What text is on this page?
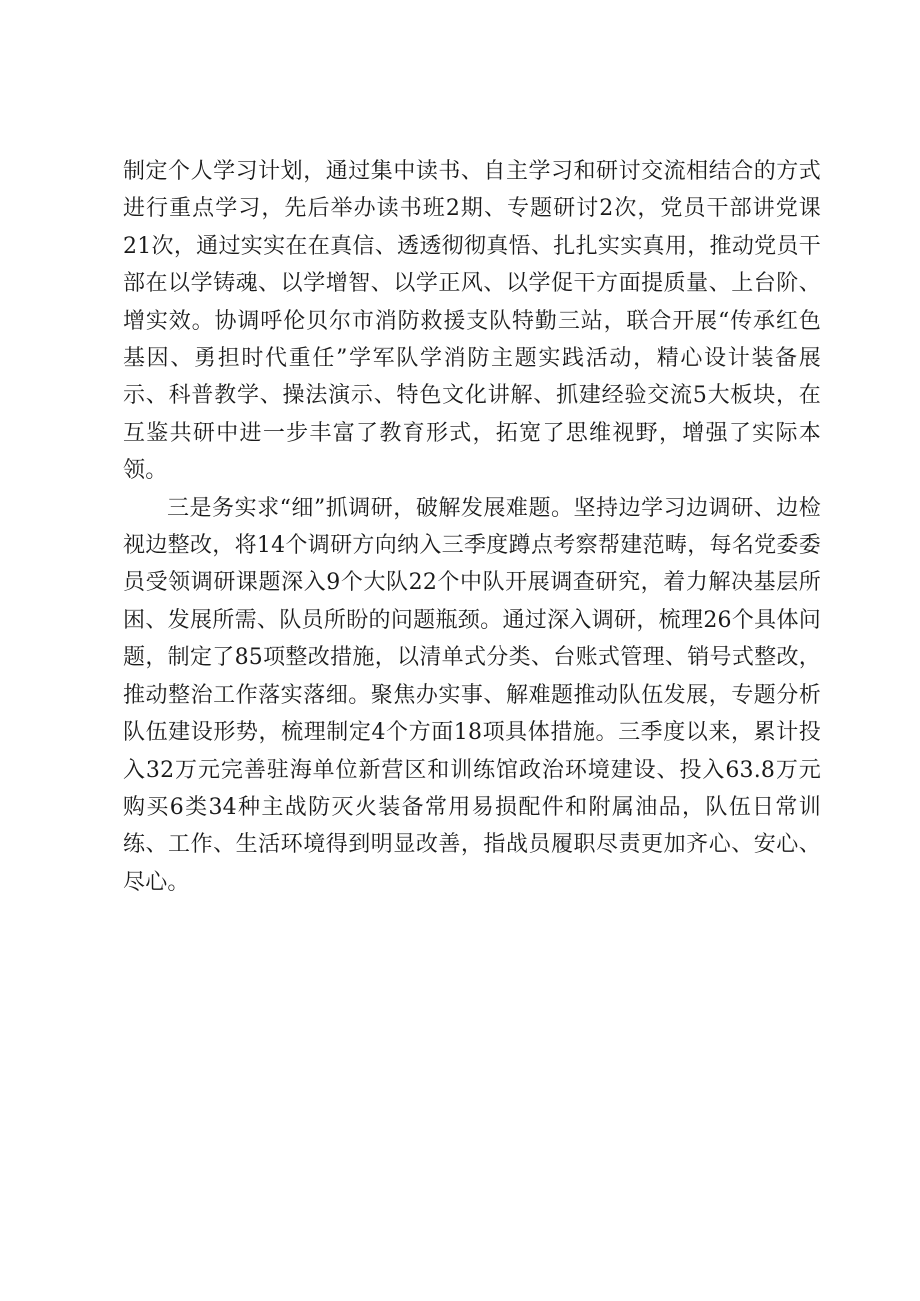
制定个人学习计划，通过集中读书、自主学习和研讨交流相结合的方式进行重点学习，先后举办读书班2期、专题研讨2次，党员干部讲党课21次，通过实实在在真信、透透彻彻真悟、扎扎实实真用，推动党员干部在以学铸魂、以学增智、以学正风、以学促干方面提质量、上台阶、增实效。协调呼伦贝尔市消防救援支队特勤三站，联合开展“传承红色基因、勇担时代重任”学军队学消防主题实践活动，精心设计装备展示、科普教学、操法演示、特色文化讲解、抓建经验交流5大板块，在互鉴共研中进一步丰富了教育形式，拓宽了思维视野，增强了实际本领。

三是务实求“细”抓调研，破解发展难题。坚持边学习边调研、边检视边整改，将14个调研方向纳入三季度蹲点考察帮建范畴，每名党委委员受领调研课题深入9个大队22个中队开展调查研究，着力解决基层所困、发展所需、队员所盼的问题瓶颈。通过深入调研，梳理26个具体问题，制定了85项整改措施，以清单式分类、台账式管理、销号式整改，推动整治工作落实落细。聚焦办实事、解难题推动队伍发展，专题分析队伍建设形势，梳理制定4个方面18项具体措施。三季度以来，累计投入32万元完善驻海单位新营区和训练馆政治环境建设、投入63.8万元购买6类34种主战防灭火装备常用易损配件和附属油品，队伍日常训练、工作、生活环境得到明显改善，指战员履职尽责更加齐心、安心、尽心。
